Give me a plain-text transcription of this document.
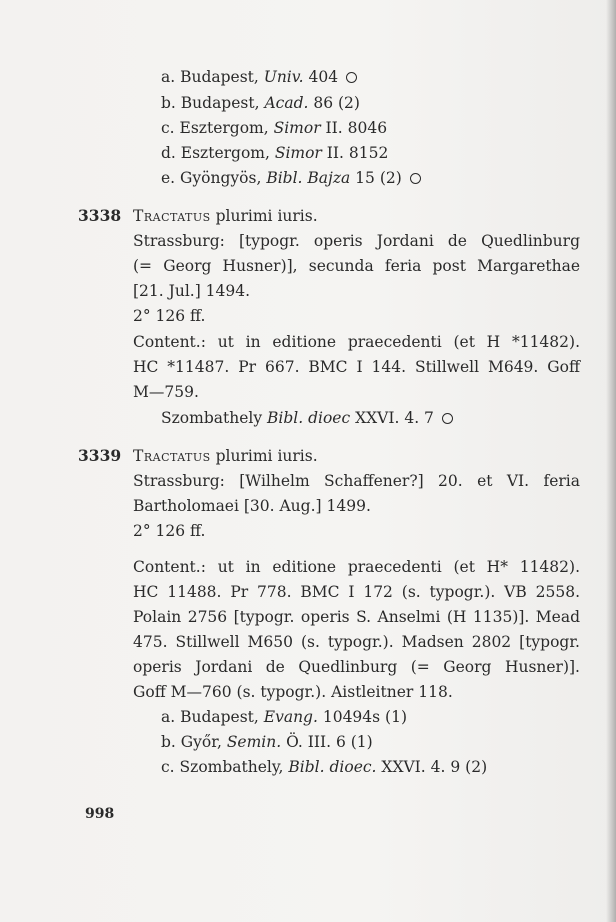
a. Budapest, Univ. 404
b. Budapest, Acad. 86 (2)
c. Esztergom, Simor II. 8046
d. Esztergom, Simor II. 8152
e. Gyöngyös, Bibl. Bajza 15 (2)
3338 Tractatus plurimi iuris.
Strassburg: [typogr. operis Jordani de Quedlinburg
(= Georg Husner)], secunda feria post Margarethae
[21. Jul.] 1494.
2° 126 ff.
Content.: ut in editione praecedenti (et H *11482).
HC *11487. Pr 667. BMC I 144. Stillwell M649. Goff
M—759.
Szombathely Bibl. dioec XXVI. 4. 7
3339 Tractatus plurimi iuris.
Strassburg: [Wilhelm Schaffener?] 20. et VI. feria
Bartholomaei [30. Aug.] 1499.
2° 126 ff.
Content.: ut in editione praecedenti (et H* 11482).
HC 11488. Pr 778. BMC I 172 (s. typogr.). VB 2558.
Polain 2756 [typogr. operis S. Anselmi (H 1135)]. Mead
475. Stillwell M650 (s. typogr.). Madsen 2802 [typogr.
operis Jordani de Quedlinburg (= Georg Husner)].
Goff M—760 (s. typogr.). Aistleitner 118.
a. Budapest, Evang. 10494s (1)
b. Győr, Semin. Ö. III. 6 (1)
c. Szombathely, Bibl. dioec. XXVI. 4. 9 (2)
998
